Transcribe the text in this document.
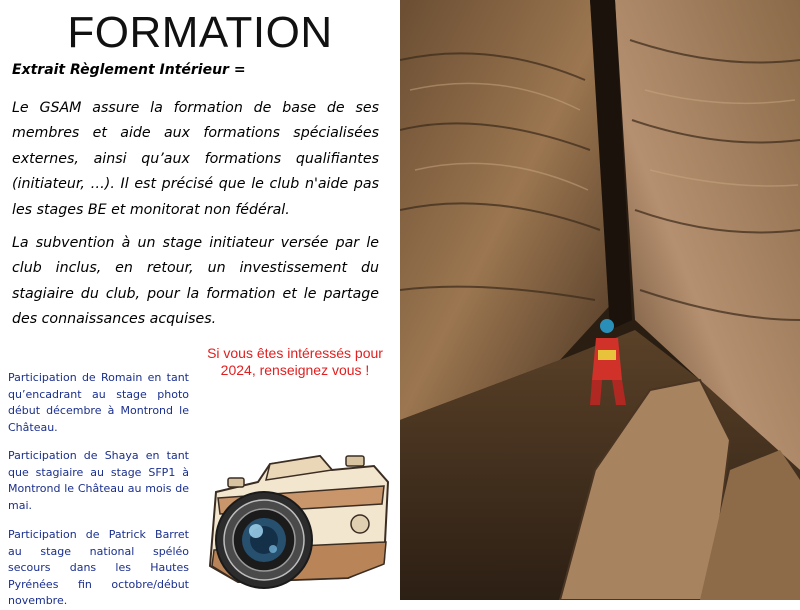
FORMATION
Extrait Règlement Intérieur =
Le GSAM assure la formation de base de ses membres et aide aux formations spécialisées externes, ainsi qu’aux formations qualifiantes (initiateur, …). Il est précisé que le club n'aide pas les stages BE et monitorat non fédéral.
La subvention à un stage initiateur versée par le club inclus, en retour, un investissement du stagiaire du club, pour la formation et le partage des connaissances acquises.
Si vous êtes intéressés pour 2024, renseignez vous !
Participation de Romain en tant qu’encadrant au stage photo début décembre à Montrond le Château.
Participation de Shaya en tant que stagiaire au stage SFP1 à Montrond le Château au mois de mai.
Participation de Patrick Barret au stage national spéléo secours dans les Hautes Pyrénées fin octobre/début novembre.
